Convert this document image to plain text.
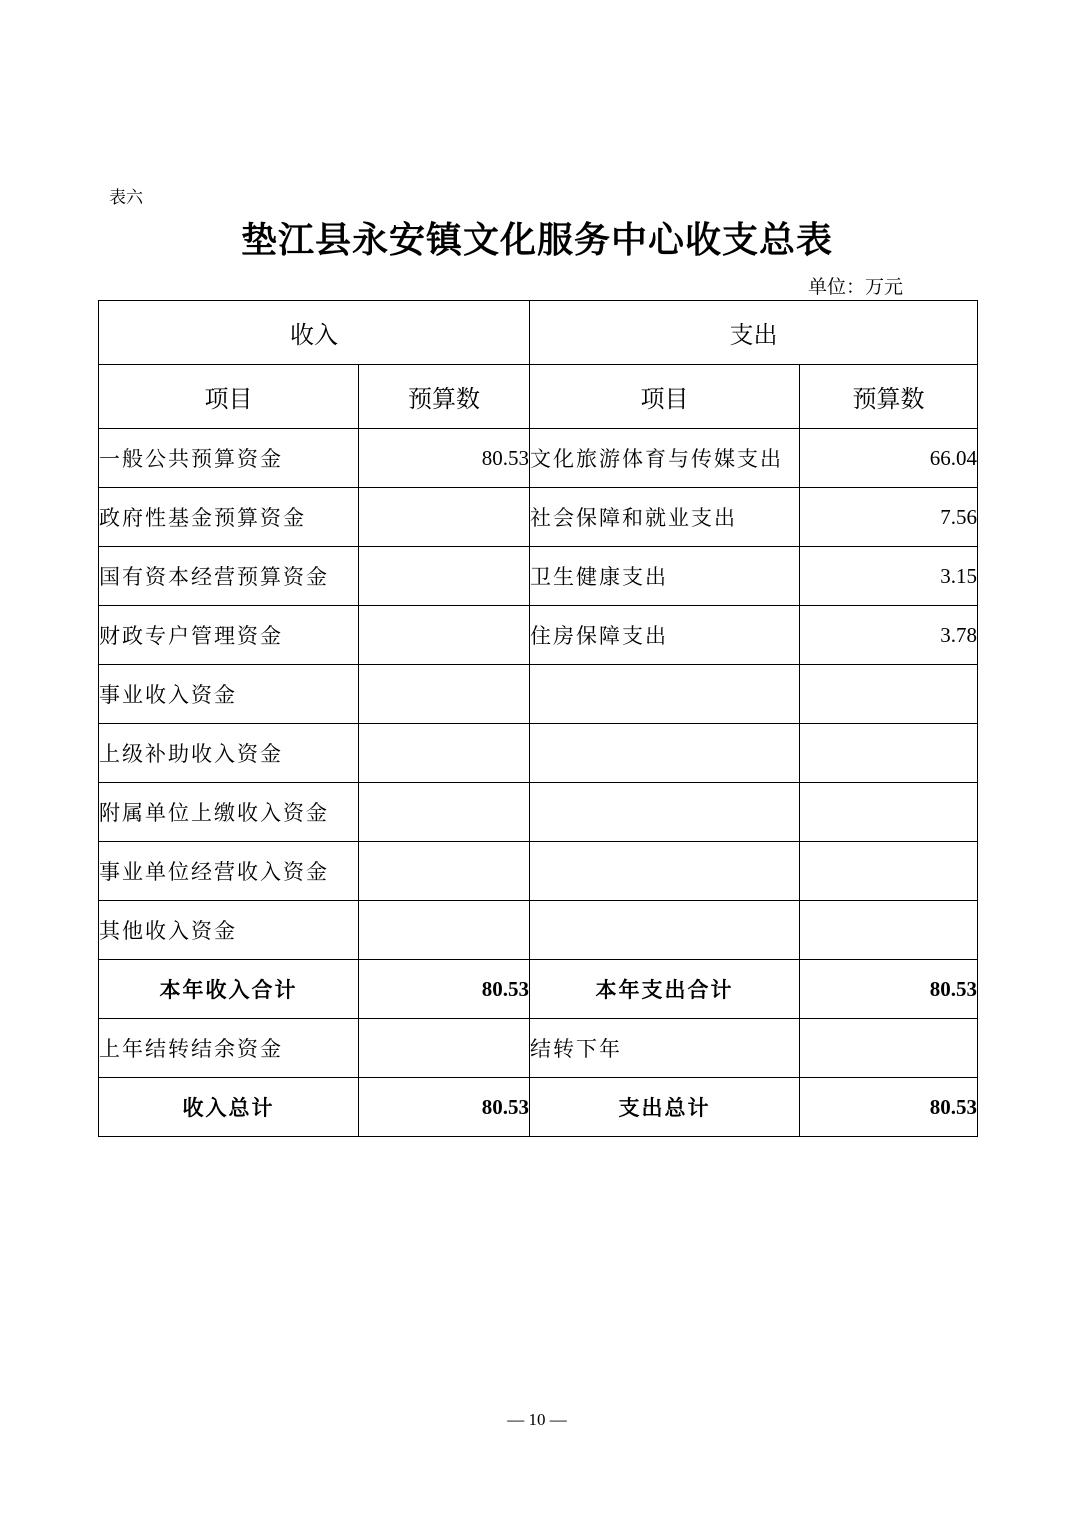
表六
垫江县永安镇文化服务中心收支总表
单位：万元
收入		支出	
项目	预算数	项目	预算数
一般公共预算资金	80.53	文化旅游体育与传媒支出	66.04
政府性基金预算资金		社会保障和就业支出	7.56
国有资本经营预算资金		卫生健康支出	3.15
财政专户管理资金		住房保障支出	3.78
事业收入资金			
上级补助收入资金			
附属单位上缴收入资金			
事业单位经营收入资金			
其他收入资金			
本年收入合计	80.53	本年支出合计	80.53
上年结转结余资金		结转下年	
收入总计	80.53	支出总计	80.53
— 10 —
